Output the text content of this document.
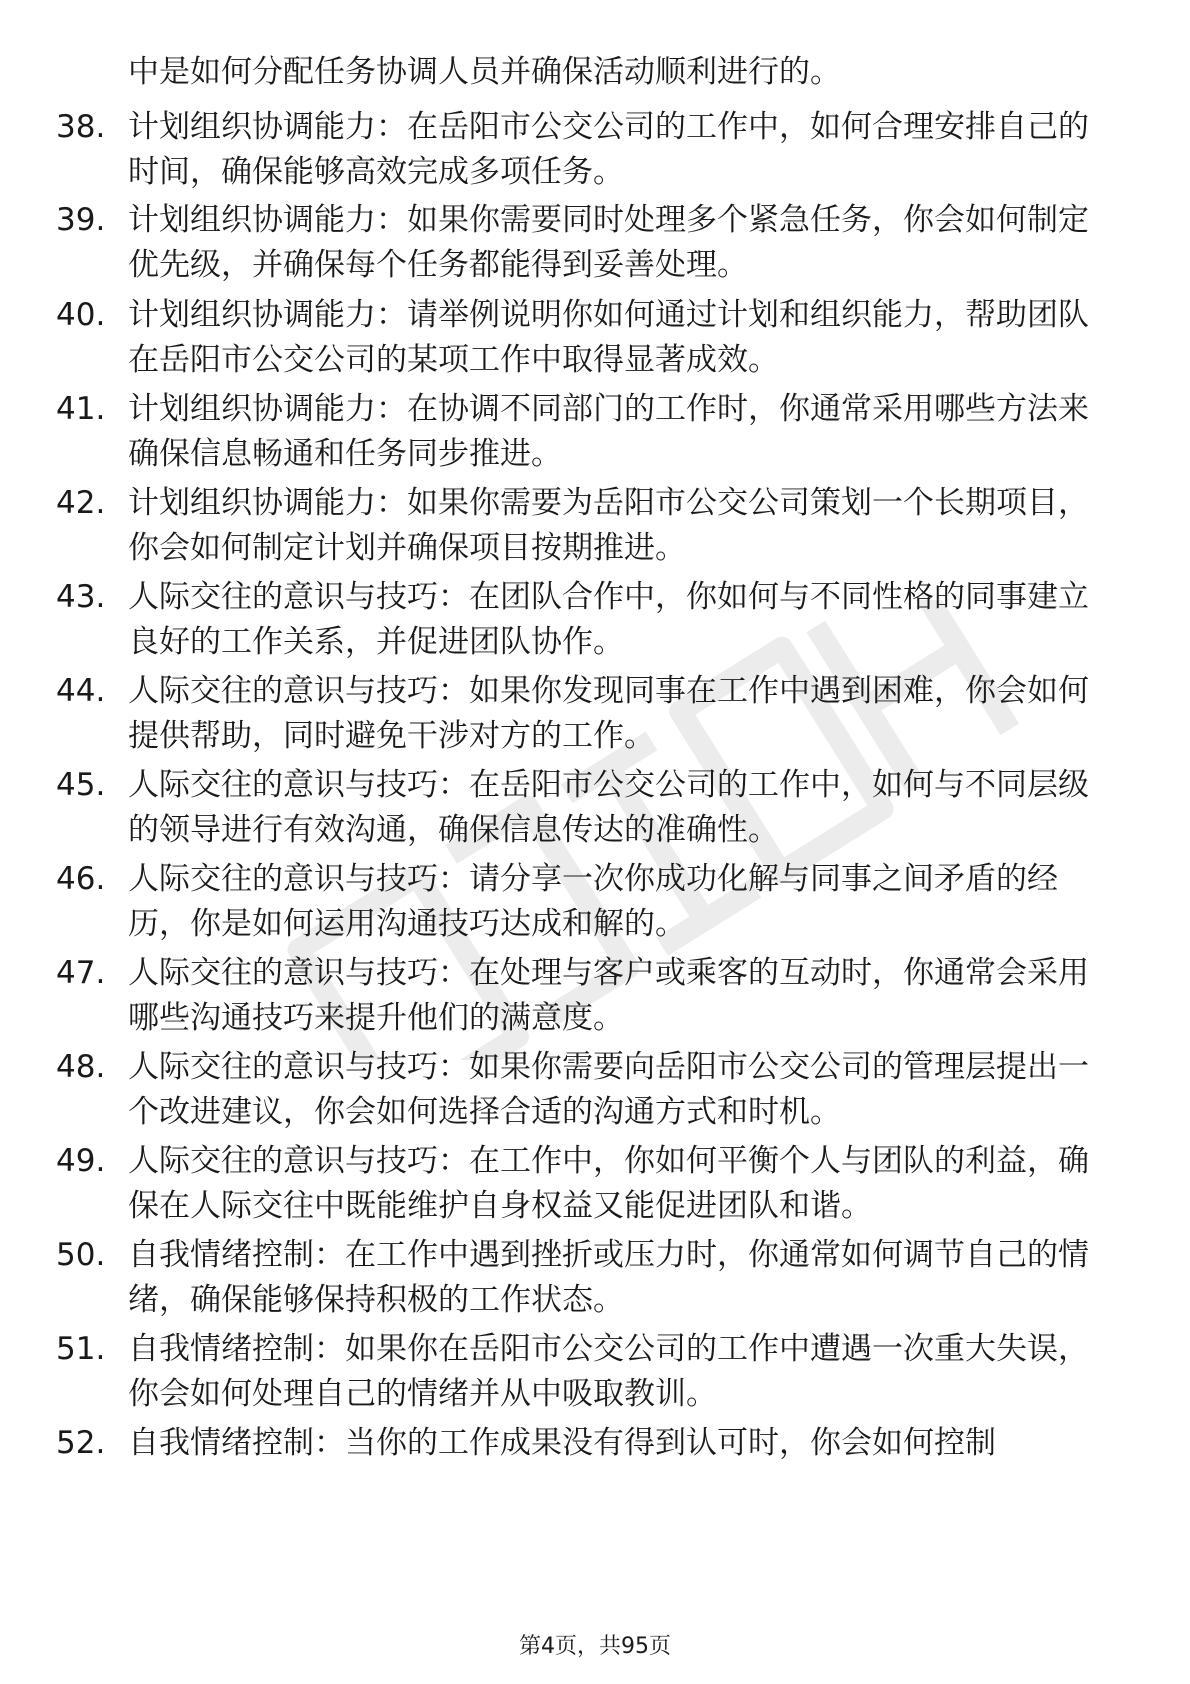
中是如何分配任务协调人员并确保活动顺利进行的。
38. 计划组织协调能力：在岳阳市公交公司的工作中，如何合理安排自己的时间，确保能够高效完成多项任务。
39. 计划组织协调能力：如果你需要同时处理多个紧急任务，你会如何制定优先级，并确保每个任务都能得到妥善处理。
40. 计划组织协调能力：请举例说明你如何通过计划和组织能力，帮助团队在岳阳市公交公司的某项工作中取得显著成效。
41. 计划组织协调能力：在协调不同部门的工作时，你通常采用哪些方法来确保信息畅通和任务同步推进。
42. 计划组织协调能力：如果你需要为岳阳市公交公司策划一个长期项目，你会如何制定计划并确保项目按期推进。
43. 人际交往的意识与技巧：在团队合作中，你如何与不同性格的同事建立良好的工作关系，并促进团队协作。
44. 人际交往的意识与技巧：如果你发现同事在工作中遇到困难，你会如何提供帮助，同时避免干涉对方的工作。
45. 人际交往的意识与技巧：在岳阳市公交公司的工作中，如何与不同层级的领导进行有效沟通，确保信息传达的准确性。
46. 人际交往的意识与技巧：请分享一次你成功化解与同事之间矛盾的经历，你是如何运用沟通技巧达成和解的。
47. 人际交往的意识与技巧：在处理与客户或乘客的互动时，你通常会采用哪些沟通技巧来提升他们的满意度。
48. 人际交往的意识与技巧：如果你需要向岳阳市公交公司的管理层提出一个改进建议，你会如何选择合适的沟通方式和时机。
49. 人际交往的意识与技巧：在工作中，你如何平衡个人与团队的利益，确保在人际交往中既能维护自身权益又能促进团队和谐。
50. 自我情绪控制：在工作中遇到挫折或压力时，你通常如何调节自己的情绪，确保能够保持积极的工作状态。
51. 自我情绪控制：如果你在岳阳市公交公司的工作中遭遇一次重大失误，你会如何处理自己的情绪并从中吸取教训。
52. 自我情绪控制：当你的工作成果没有得到认可时，你会如何控制
第4页，共95页
